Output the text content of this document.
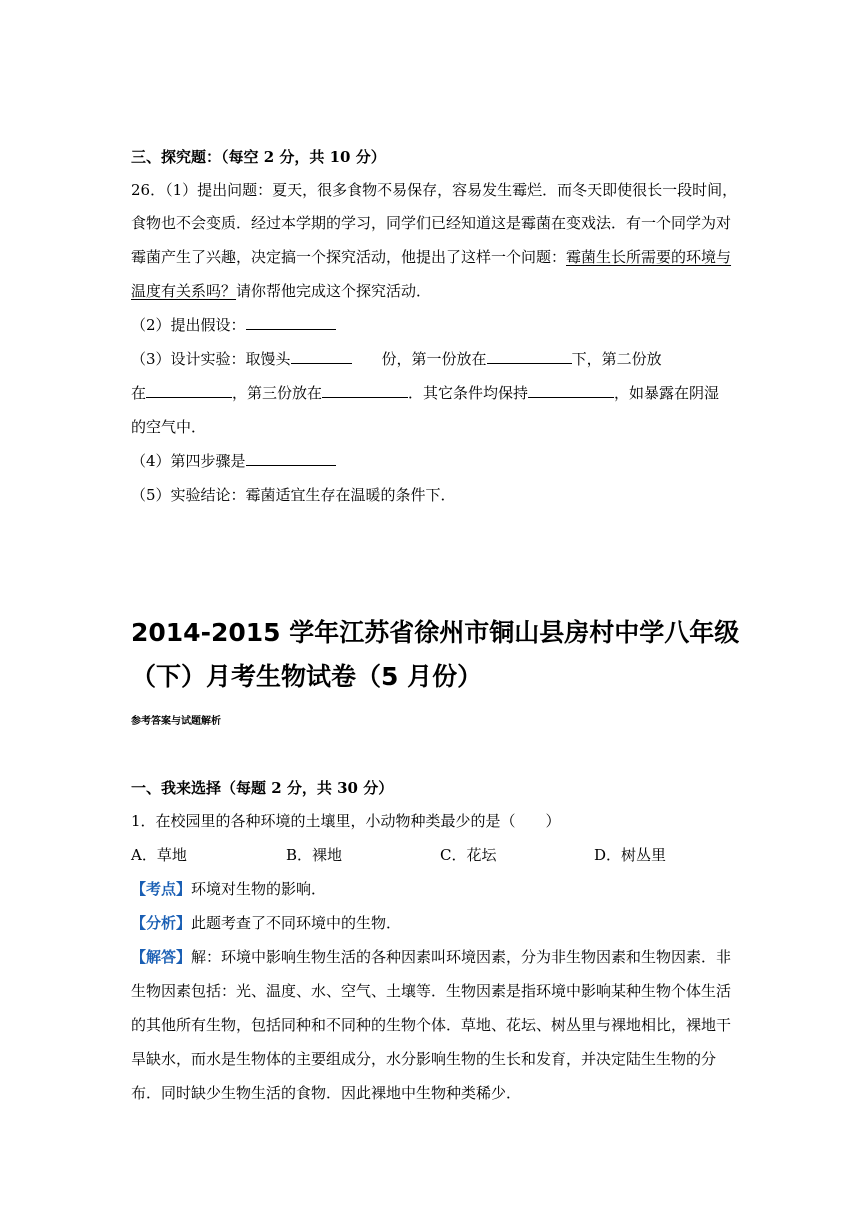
三、探究题：（每空 2 分，共 10 分）
26．（1）提出问题：夏天，很多食物不易保存，容易发生霉烂．而冬天即使很长一段时间，
食物也不会变质．经过本学期的学习，同学们已经知道这是霉菌在变戏法．有一个同学为对
霉菌产生了兴趣，决定搞一个探究活动，他提出了这样一个问题：霉菌生长所需要的环境与
温度有关系吗？请你帮他完成这个探究活动．
（2）提出假设：
（3）设计实验：取馒头	份，第一份放在	下，第二份放
在	，第三份放在	．其它条件均保持	，如暴露在阴湿
的空气中．
（4）第四步骤是
（5）实验结论：霉菌适宜生存在温暖的条件下．
2014-2015 学年江苏省徐州市铜山县房村中学八年级
（下）月考生物试卷（5 月份）
参考答案与试题解析
一、我来选择（每题 2 分，共 30 分）
1．在校园里的各种环境的土壤里，小动物种类最少的是（　　）
A．草地	B．裸地	C．花坛	D．树丛里
【考点】环境对生物的影响．
【分析】此题考查了不同环境中的生物．
【解答】解：环境中影响生物生活的各种因素叫环境因素，分为非生物因素和生物因素．非
生物因素包括：光、温度、水、空气、土壤等．生物因素是指环境中影响某种生物个体生活
的其他所有生物，包括同种和不同种的生物个体．草地、花坛、树丛里与裸地相比，裸地干
旱缺水，而水是生物体的主要组成分，水分影响生物的生长和发育，并决定陆生生物的分
布．同时缺少生物生活的食物．因此裸地中生物种类稀少．
